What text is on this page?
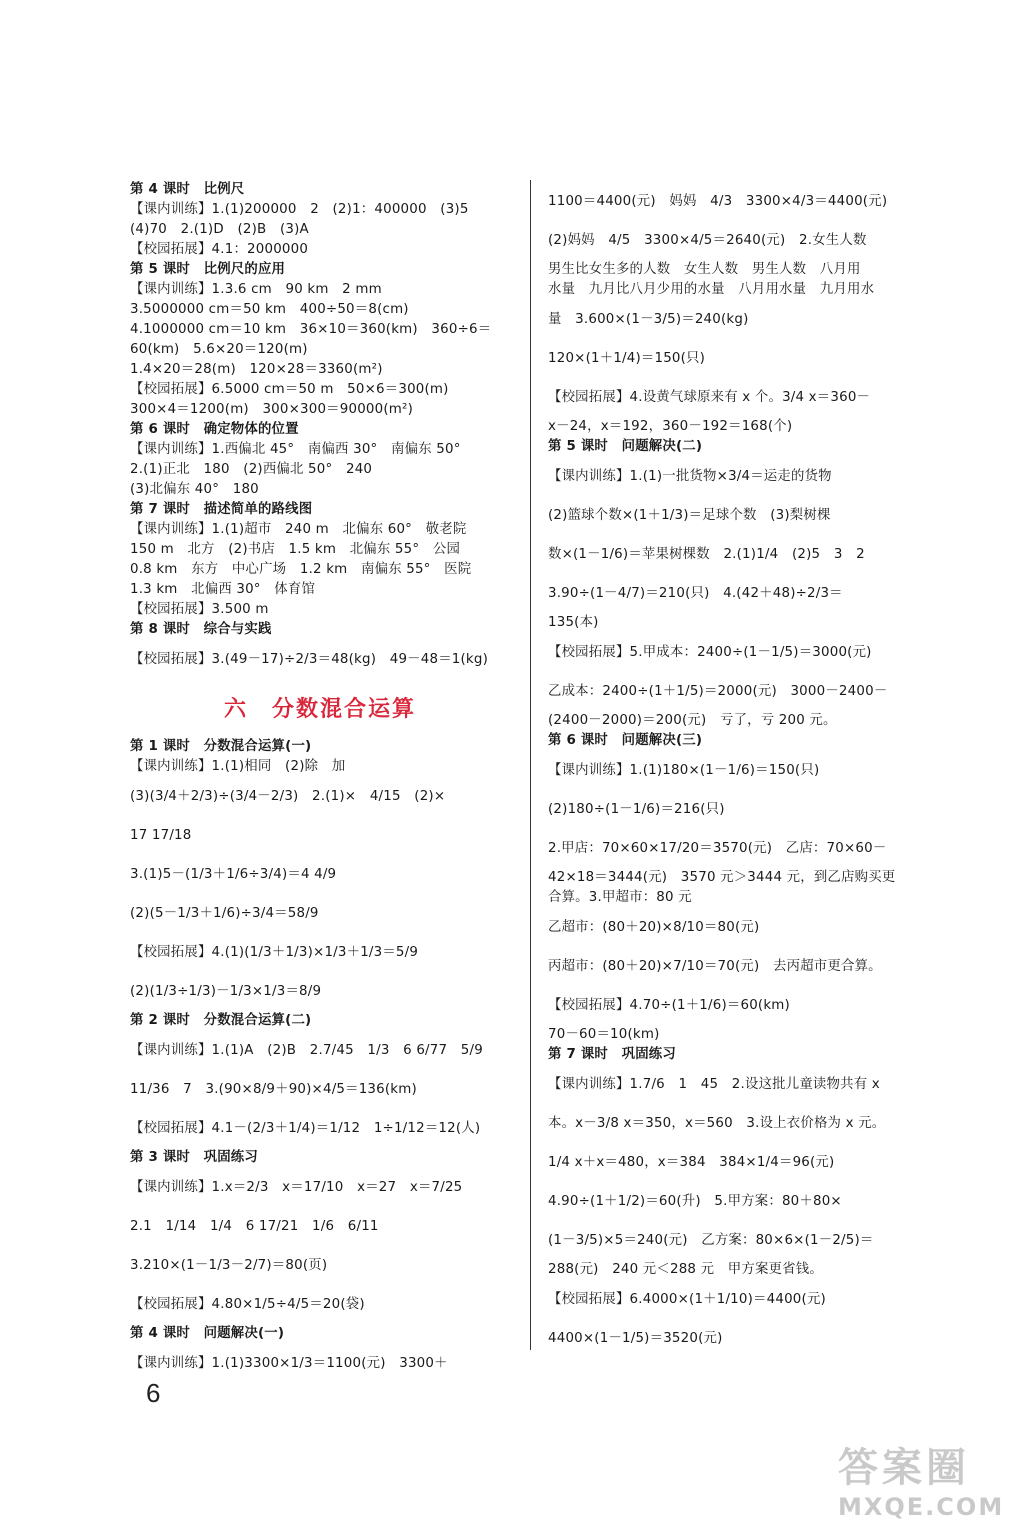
第 4 课时　比例尺
【课内训练】1.(1)200000　2　(2)1：400000　(3)5
(4)70　2.(1)D　(2)B　(3)A
【校园拓展】4.1：2000000
第 5 课时　比例尺的应用
【课内训练】1.3.6 cm　90 km　2 mm
3.5000000 cm＝50 km　400÷50＝8(cm)
4.1000000 cm＝10 km　36×10＝360(km)　360÷6＝
60(km)　5.6×20＝120(m)
1.4×20＝28(m)　120×28＝3360(m²)
【校园拓展】6.5000 cm＝50 m　50×6＝300(m)
300×4＝1200(m)　300×300＝90000(m²)
第 6 课时　确定物体的位置
【课内训练】1.西偏北 45°　南偏西 30°　南偏东 50°
2.(1)正北　180　(2)西偏北 50°　240
(3)北偏东 40°　180
第 7 课时　描述简单的路线图
【课内训练】1.(1)超市　240 m　北偏东 60°　敬老院
150 m　北方　(2)书店　1.5 km　北偏东 55°　公园
0.8 km　东方　中心广场　1.2 km　南偏东 55°　医院
1.3 km　北偏西 30°　体育馆
【校园拓展】3.500 m
第 8 课时　综合与实践
【校园拓展】3.(49－17)÷2/3＝48(kg)　49－48＝1(kg)
六　分数混合运算
第 1 课时　分数混合运算(一)
【课内训练】1.(1)相同　(2)除　加
(3)(3/4＋2/3)÷(3/4－2/3)　2.(1)×　4/15　(2)×
17 17/18
3.(1)5－(1/3＋1/6÷3/4)＝4 4/9
(2)(5－1/3＋1/6)÷3/4＝58/9
【校园拓展】4.(1)(1/3＋1/3)×1/3＋1/3＝5/9
(2)(1/3÷1/3)－1/3×1/3＝8/9
第 2 课时　分数混合运算(二)
【课内训练】1.(1)A　(2)B　2.7/45　1/3　6 6/77　5/9
11/36　7　3.(90×8/9＋90)×4/5＝136(km)
【校园拓展】4.1－(2/3＋1/4)＝1/12　1÷1/12＝12(人)
第 3 课时　巩固练习
【课内训练】1.x＝2/3　x＝17/10　x＝27　x＝7/25
2.1　1/14　1/4　6 17/21　1/6　6/11
3.210×(1－1/3－2/7)＝80(页)
【校园拓展】4.80×1/5÷4/5＝20(袋)
第 4 课时　问题解决(一)
【课内训练】1.(1)3300×1/3＝1100(元)　3300＋
1100＝4400(元)　妈妈　4/3　3300×4/3＝4400(元)
(2)妈妈　4/5　3300×4/5＝2640(元)　2.女生人数
男生比女生多的人数　女生人数　男生人数　八月用
水量　九月比八月少用的水量　八月用水量　九月用水
量　3.600×(1－3/5)＝240(kg)
120×(1＋1/4)＝150(只)
【校园拓展】4.设黄气球原来有 x 个。3/4 x＝360－
x－24，x＝192，360－192＝168(个)
第 5 课时　问题解决(二)
【课内训练】1.(1)一批货物×3/4＝运走的货物
(2)篮球个数×(1＋1/3)＝足球个数　(3)梨树棵
数×(1－1/6)＝苹果树棵数　2.(1)1/4　(2)5　3　2
3.90÷(1－4/7)＝210(只)　4.(42＋48)÷2/3＝
135(本)
【校园拓展】5.甲成本：2400÷(1－1/5)＝3000(元)
乙成本：2400÷(1＋1/5)＝2000(元)　3000－2400－
(2400－2000)＝200(元)　亏了，亏 200 元。
第 6 课时　问题解决(三)
【课内训练】1.(1)180×(1－1/6)＝150(只)
(2)180÷(1－1/6)＝216(只)
2.甲店：70×60×17/20＝3570(元)　乙店：70×60－
42×18＝3444(元)　3570 元＞3444 元，到乙店购买更
合算。3.甲超市：80 元
乙超市：(80＋20)×8/10＝80(元)
丙超市：(80＋20)×7/10＝70(元)　去丙超市更合算。
【校园拓展】4.70÷(1＋1/6)＝60(km)
70－60＝10(km)
第 7 课时　巩固练习
【课内训练】1.7/6　1　45　2.设这批儿童读物共有 x
本。x－3/8 x＝350，x＝560　3.设上衣价格为 x 元。
1/4 x＋x＝480，x＝384　384×1/4＝96(元)
4.90÷(1＋1/2)＝60(升)　5.甲方案：80＋80×
(1－3/5)×5＝240(元)　乙方案：80×6×(1－2/5)＝
288(元)　240 元＜288 元　甲方案更省钱。
【校园拓展】6.4000×(1＋1/10)＝4400(元)
4400×(1－1/5)＝3520(元)
6
答案圈
MXQE.COM
